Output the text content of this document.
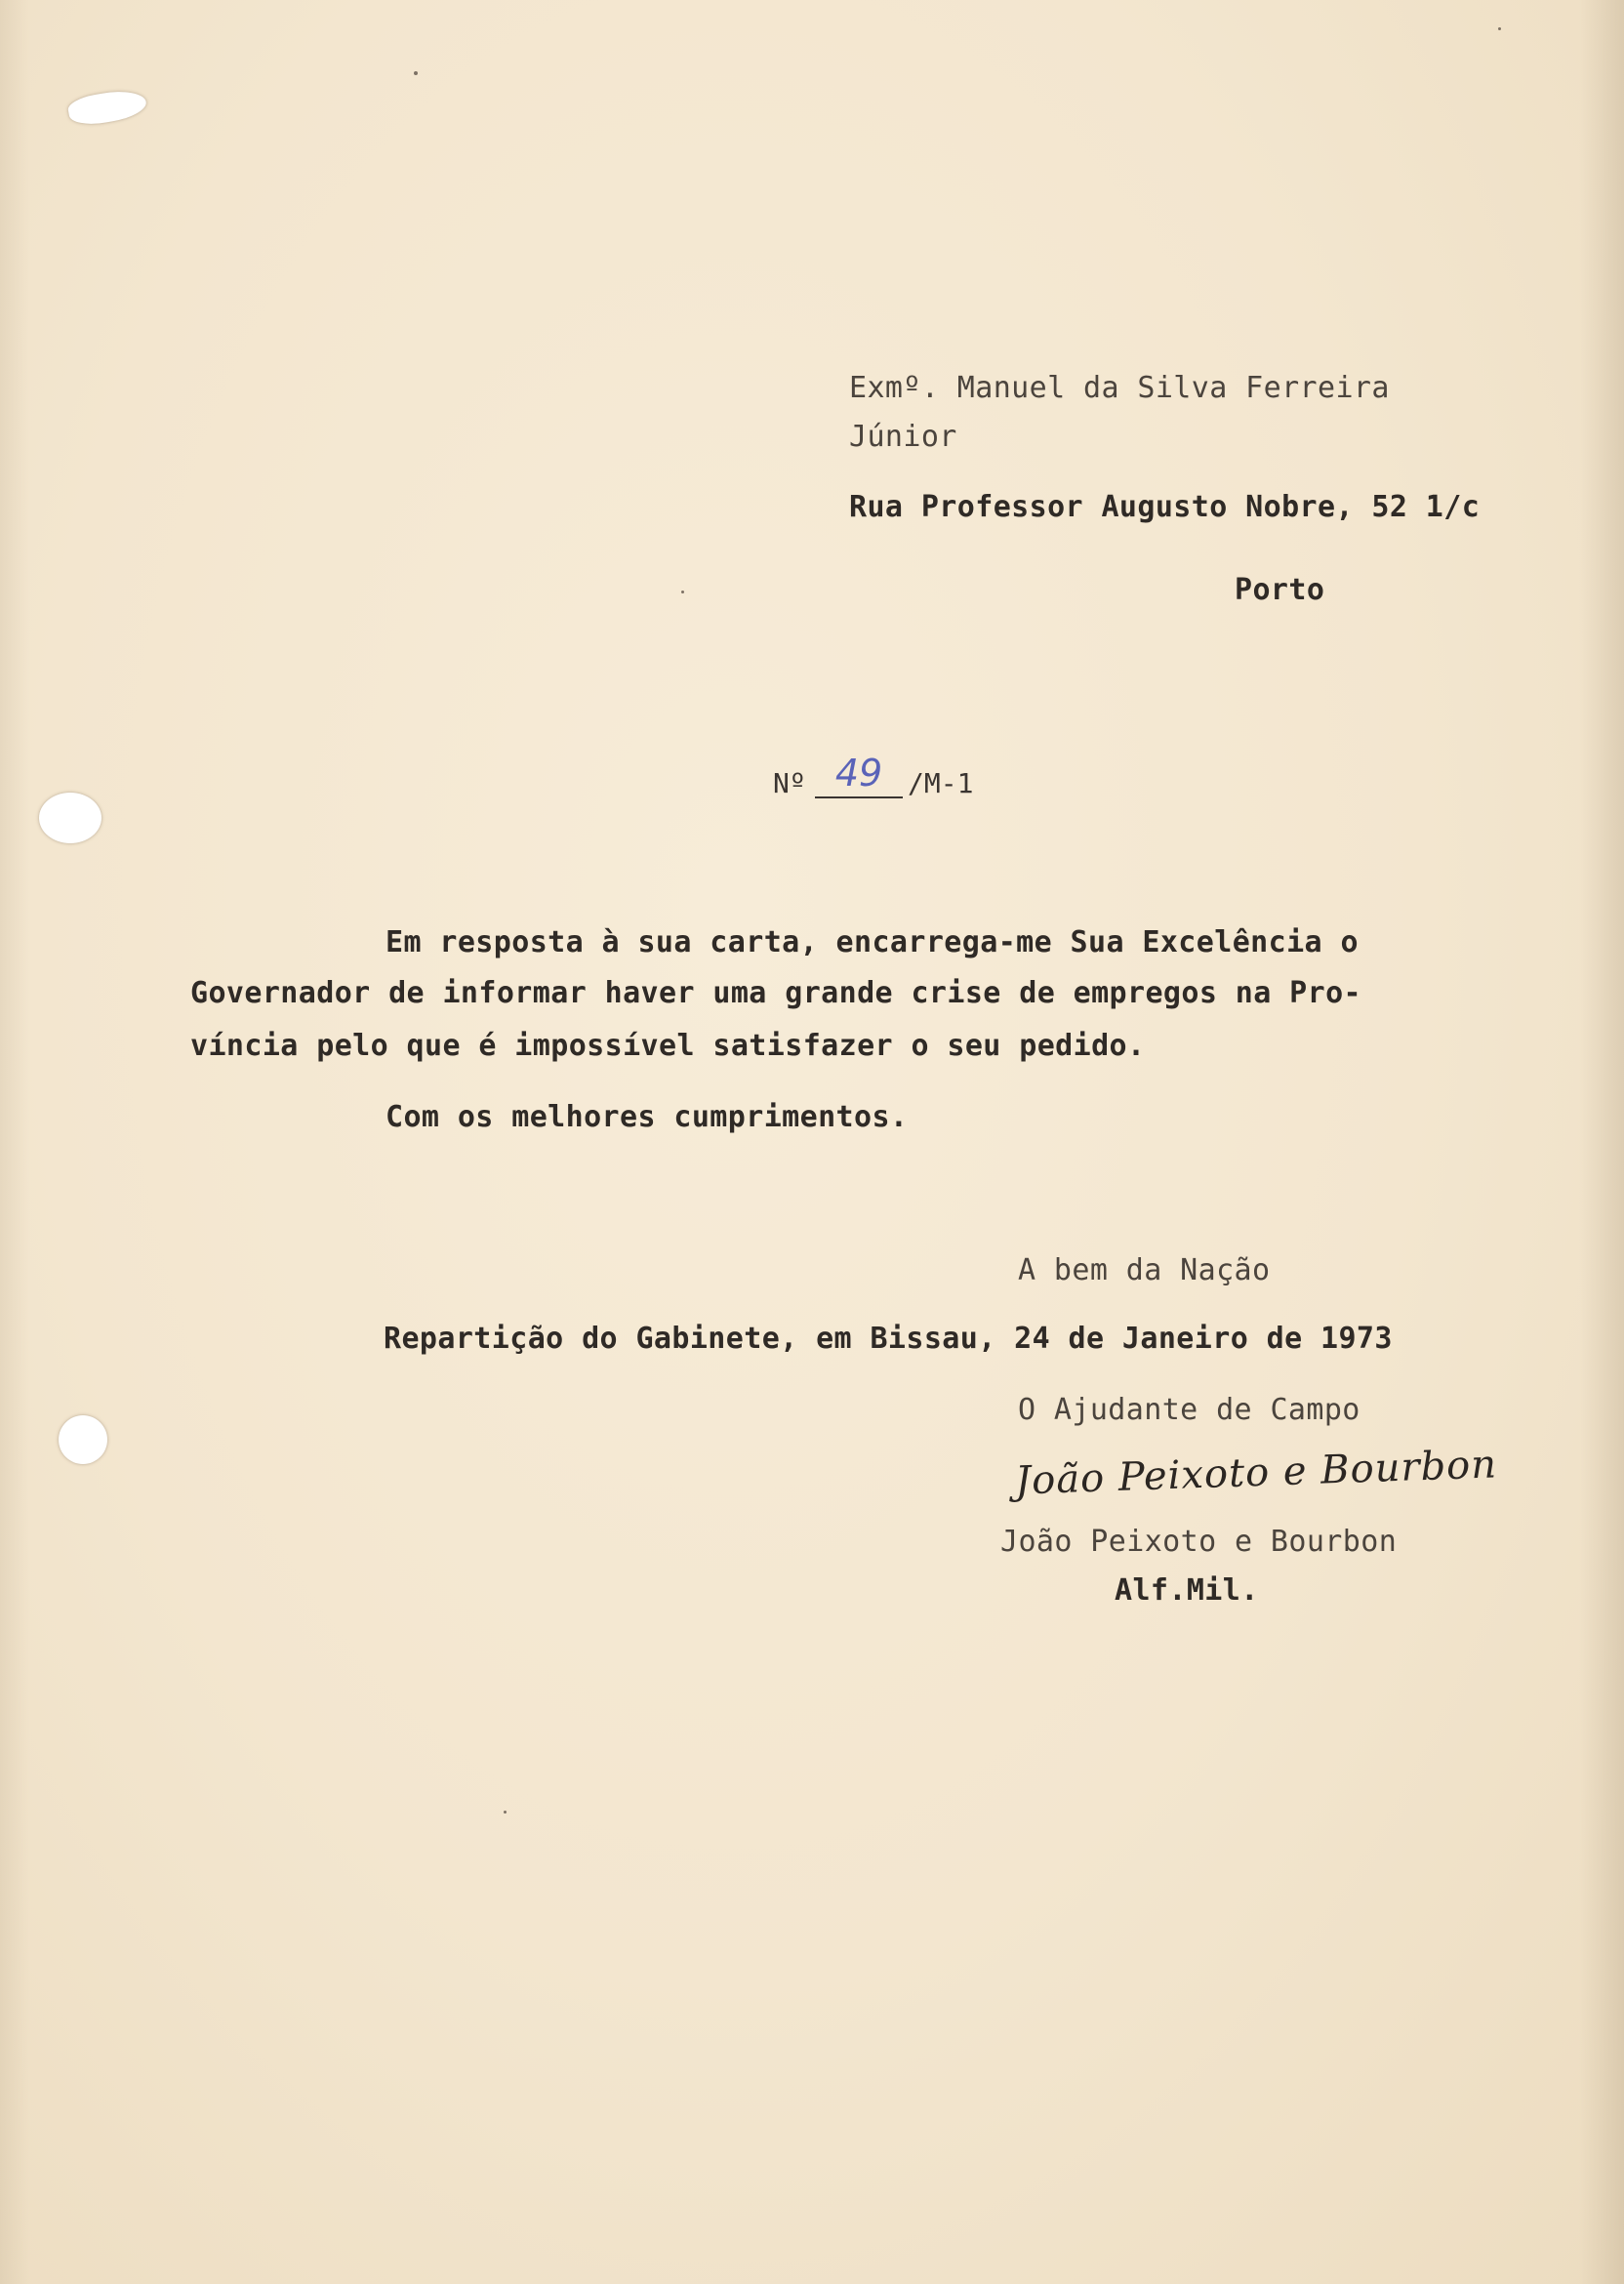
Exmº. Manuel da Silva Ferreira
Júnior
Rua Professor Augusto Nobre, 52 1/c
Porto
Nº 49 /M-1
Em resposta à sua carta, encarrega-me Sua Excelência o
Governador de informar haver uma grande crise de empregos na Pro-
víncia pelo que é impossível satisfazer o seu pedido.
Com os melhores cumprimentos.
A bem da Nação
Repartição do Gabinete, em Bissau, 24 de Janeiro de 1973
O Ajudante de Campo
João Peixoto e Bourbon
João Peixoto e Bourbon
Alf.Mil.
